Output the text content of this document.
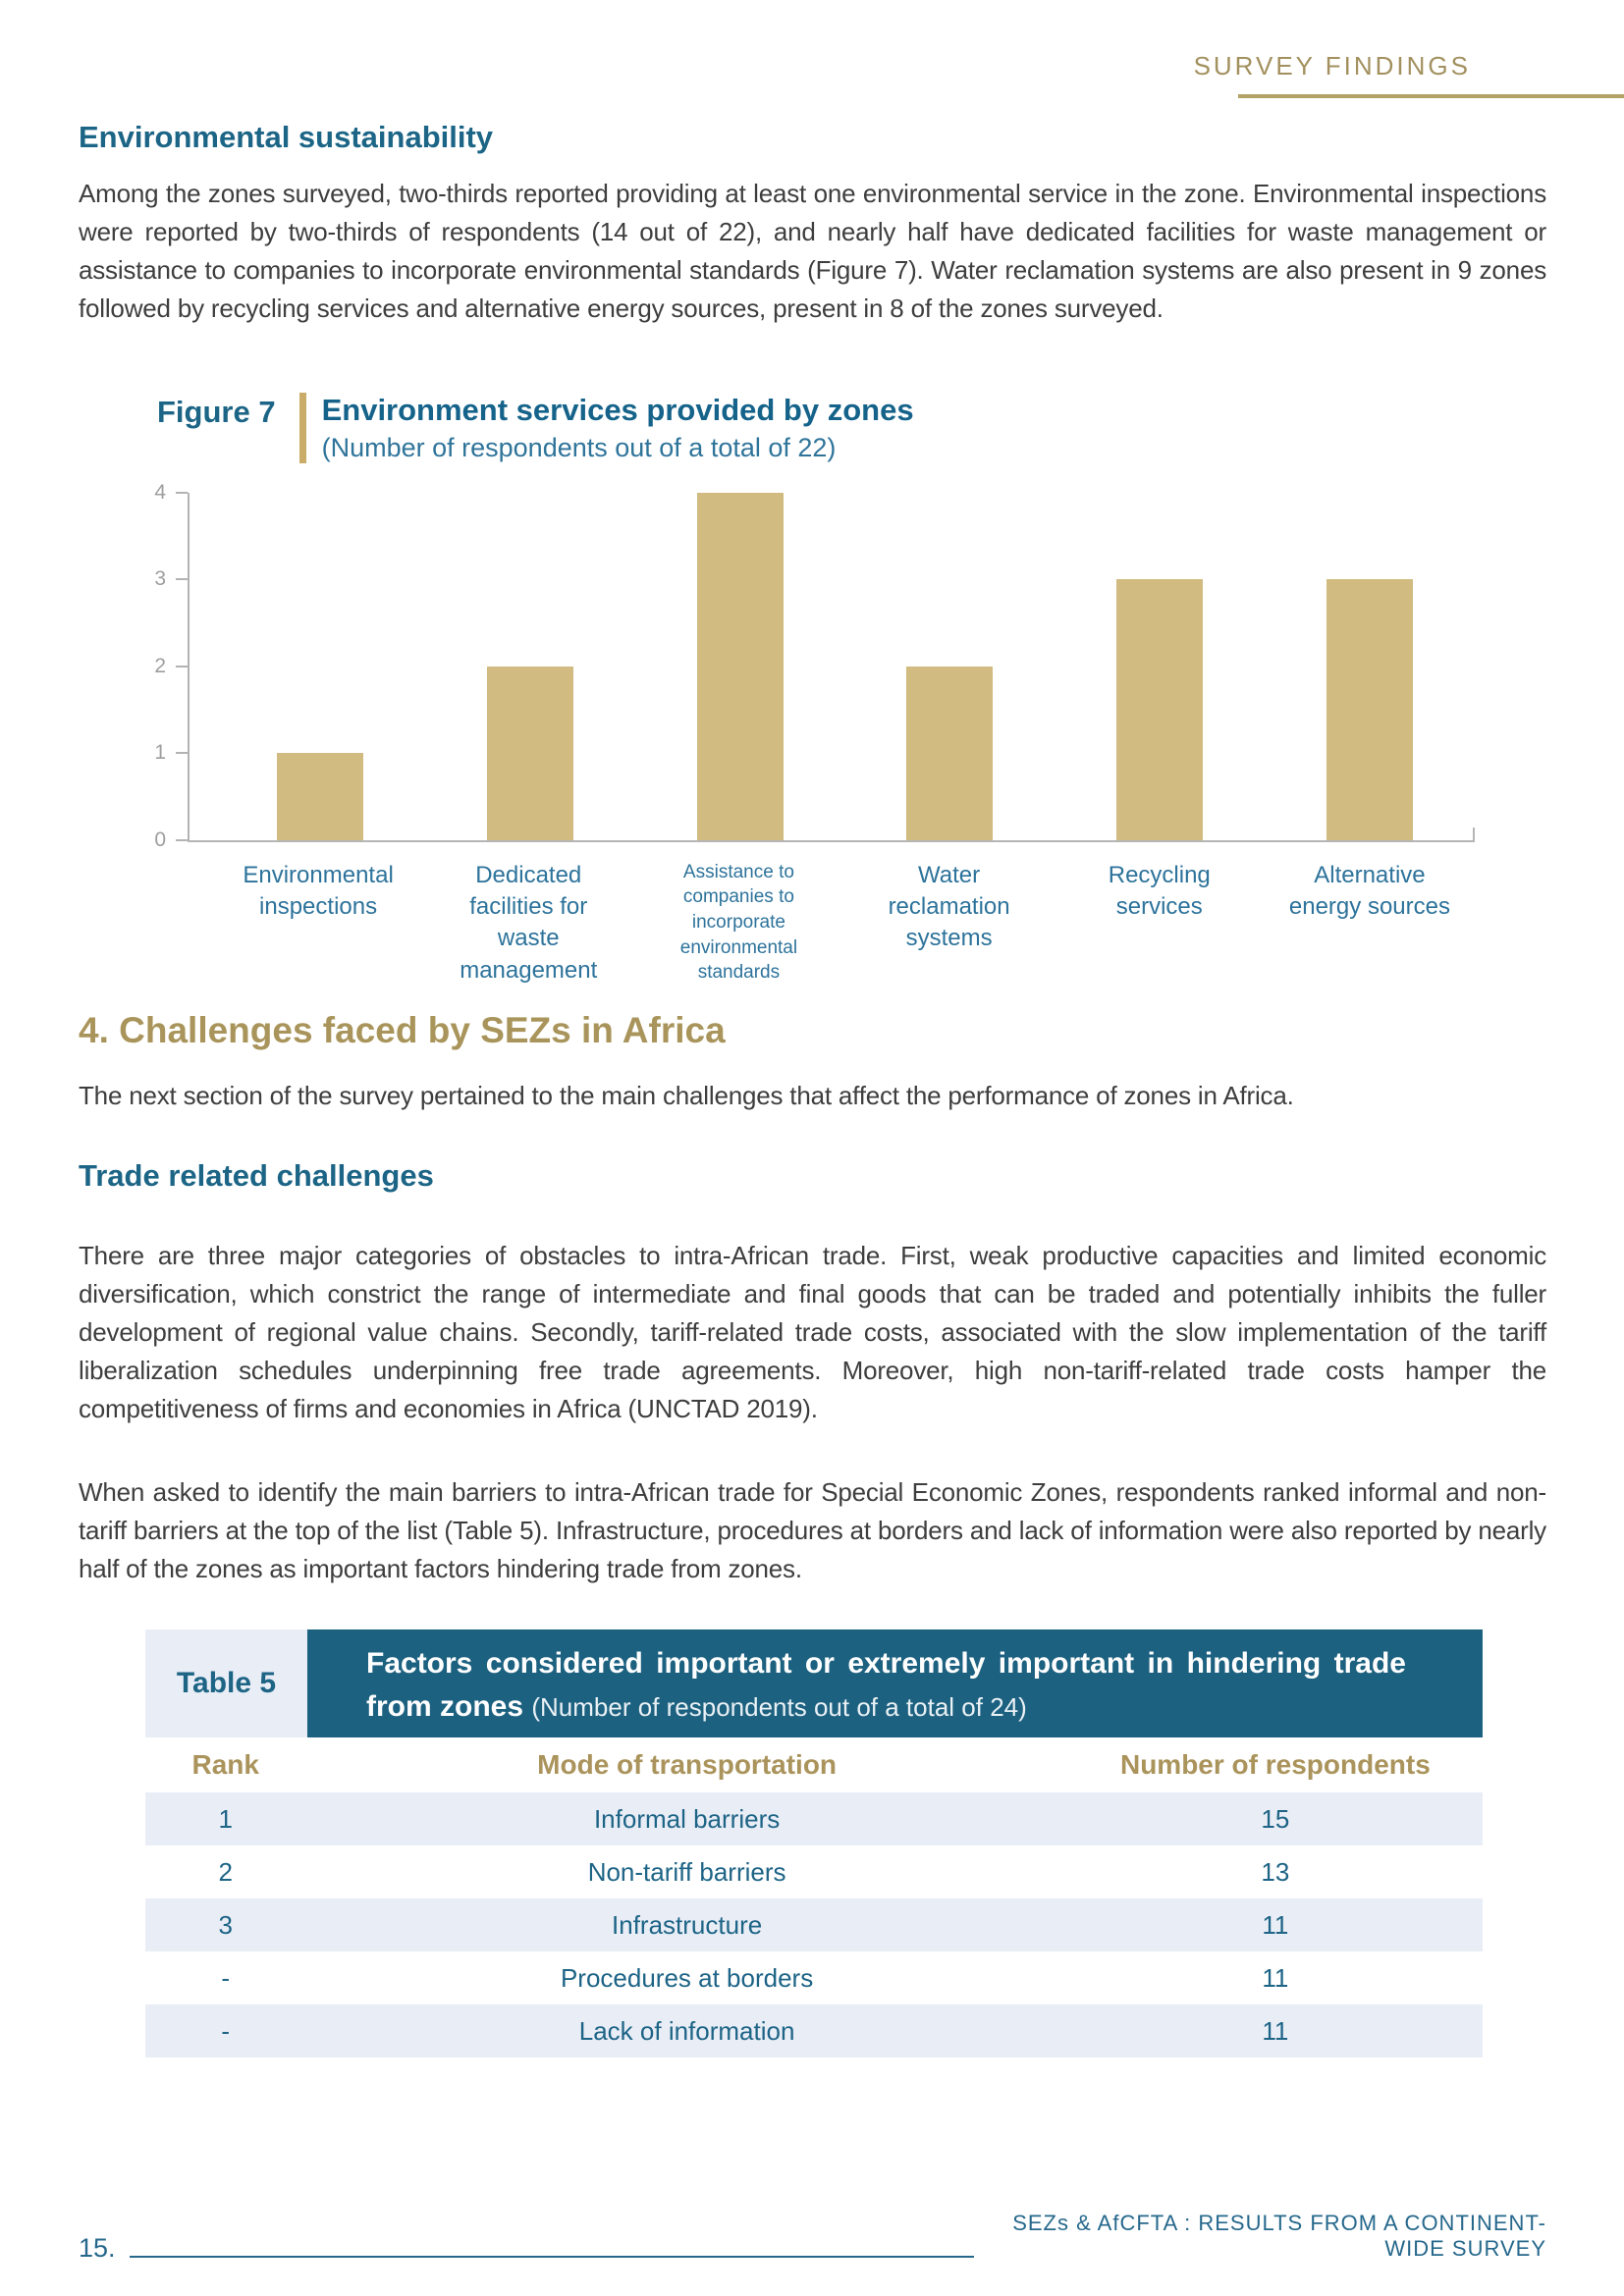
SURVEY FINDINGS
Environmental sustainability

Among the zones surveyed, two-thirds reported providing at least one environmental service in the zone. Environmental inspections were reported by two-thirds of respondents (14 out of 22), and nearly half have dedicated facilities for waste management or assistance to companies to incorporate environmental standards (Figure 7). Water reclamation systems are also present in 9 zones followed by recycling services and alternative energy sources, present in 8 of the zones surveyed.

Figure 7 Environment services provided by zones
(Number of respondents out of a total of 22)
0
1
2
3
4
Environmental inspections
Dedicated facilities for waste management
Assistance to companies to incorporate environmental standards
Water reclamation systems
Recycling services
Alternative energy sources
4. Challenges faced by SEZs in Africa

The next section of the survey pertained to the main challenges that affect the performance of zones in Africa.

Trade related challenges

There are three major categories of obstacles to intra-African trade. First, weak productive capacities and limited economic diversification, which constrict the range of intermediate and final goods that can be traded and potentially inhibits the fuller development of regional value chains. Secondly, tariff-related trade costs, associated with the slow implementation of the tariff liberalization schedules underpinning free trade agreements. Moreover, high non-tariff-related trade costs hamper the competitiveness of firms and economies in Africa (UNCTAD 2019).

When asked to identify the main barriers to intra-African trade for Special Economic Zones, respondents ranked informal and non-tariff barriers at the top of the list (Table 5). Infrastructure, procedures at borders and lack of information were also reported by nearly half of the zones as important factors hindering trade from zones.

Table 5
Factors considered important or extremely important in hindering trade from zones (Number of respondents out of a total of 24)
Rank	Mode of transportation	Number of respondents
1	Informal barriers	15
2	Non-tariff barriers	13
3	Infrastructure	11
-	Procedures at borders	11
-	Lack of information	11
15.
SEZs & AfCFTA : RESULTS FROM A CONTINENT-WIDE SURVEY
